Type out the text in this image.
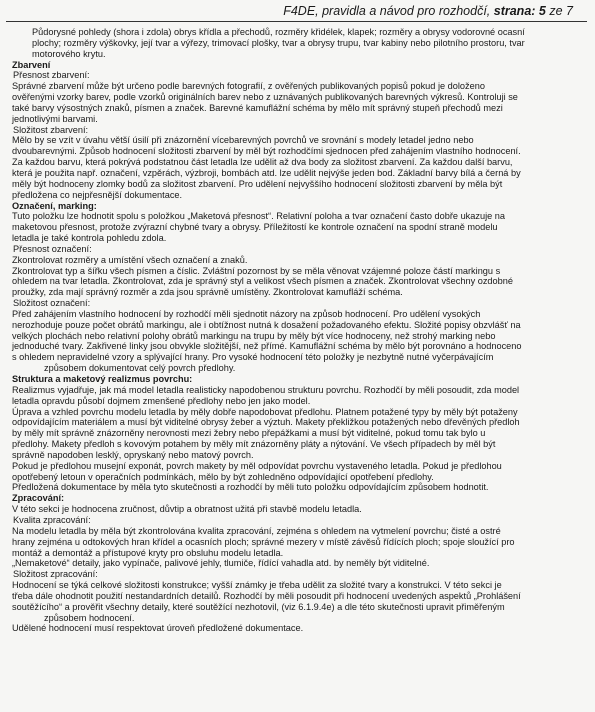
F4DE, pravidla a návod pro rozhodčí, strana: 5 ze 7

Půdorysné pohledy (shora i zdola) obrys křídla a přechodů, rozměry křidélek, klapek; rozměry a obrysy vodorovné ocasní

plochy; rozměry výškovky, její tvar a výřezy, trimovací plošky, tvar a obrysy trupu, tvar kabiny nebo pilotního prostoru, tvar

motorového krytu.

Zbarvení

Přesnost zbarvení:

Správné zbarvení může být určeno podle barevných fotografií, z ověřených publikovaných popisů pokud je doloženo

ověřenými vzorky barev, podle vzorků originálních barev nebo z uznávaných publikovaných barevných výkresů. Kontroluji se

také barvy výsostných znaků, písmen a značek. Barevné kamuflážní schéma by mělo mít správný stupeň přechodů mezi

jednotlivými barvami.

Složitost zbarvení:

Mělo by se vzít v úvahu větší úsilí při znázornění vícebarevných povrchů ve srovnání s modely letadel jedno nebo

dvoubarevnými. Způsob hodnocení složitosti zbarvení by měl být rozhodčími sjednocen před zahájením vlastního hodnocení.

Za každou barvu, která pokrývá podstatnou část letadla lze udělit až dva body za složitost zbarvení. Za každou další barvu,

která je použita např. označení, vzpěrách, výzbroji, bombách atd. lze udělit nejvýše jeden bod. Základní barvy bílá a černá by

měly být hodnoceny zlomky bodů za složitost zbarvení. Pro udělení nejvyššího hodnocení složitosti zbarvení by měla být

předložena co nejpřesnější dokumentace.

Označení, marking:

Tuto položku lze hodnotit spolu s položkou „Maketová přesnost“. Relativní poloha a tvar označení často dobře ukazuje na

maketovou přesnost, protože zvýrazní chybné tvary a obrysy. Příležitostí ke kontrole označení na spodní straně modelu

letadla je také kontrola pohledu zdola.

Přesnost označení:

Zkontrolovat rozměry a umístění všech označení a znaků.

Zkontrolovat typ a šířku všech písmen a číslic. Zvláštní pozornost by se měla věnovat vzájemné poloze částí markingu s

ohledem na tvar letadla. Zkontrolovat, zda je správný styl a velikost všech písmen a značek. Zkontrolovat všechny ozdobné

proužky, zda mají správný rozměr a zda jsou správně umístěny. Zkontrolovat kamufláží schéma.

Složitost označení:

Před zahájením vlastního hodnocení by rozhodčí měli sjednotit názory na způsob hodnocení. Pro udělení vysokých

nerozhoduje pouze počet obrátů markingu, ale i obtížnost nutná k dosažení požadovaného efektu. Složité popisy obzvlášť na

velkých plochách nebo relativní polohy obrátů markingu na trupu by měly být více hodnoceny, než strohý marking nebo

jednoduché tvary. Zakřivené linky jsou obvykle složitější, než přímé. Kamuflážní schéma by mělo být porovnáno a hodnoceno

s ohledem nepravidelné vzory a splývající hrany. Pro vysoké hodnocení této položky je nezbytně nutné vyčerpávajícím

způsobem dokumentovat celý povrch předlohy.

Struktura a maketový realizmus povrchu:

Realizmus vyjadřuje, jak má model letadla realisticky napodobenou strukturu povrchu. Rozhodčí by měli posoudit, zda model

letadla opravdu působí dojmem zmenšené předlohy nebo jen jako model.

Úprava a vzhled povrchu modelu letadla by měly dobře napodobovat předlohu. Platnem potažené typy by měly být potaženy

odpovídajícím materiálem a musí být viditelné obrysy žeber a výztuh. Makety překližkou potažených nebo dřevěných předloh

by měly mít správně znázorněny nerovnosti mezi žebry nebo přepážkami a musí být viditelné, pokud tomu tak bylo u

předlohy. Makety předloh s kovovým potahem by měly mít znázorněny pláty a nýtování. Ve všech případech by měl být

správně napodoben lesklý, opryskaný nebo matový povrch.

Pokud je předlohou musejní exponát, povrch makety by měl odpovídat povrchu vystaveného letadla. Pokud je předlohou

opotřebený letoun v operačních podmínkách, mělo by být zohledněno odpovídající opotřebení předlohy.

Předložená dokumentace by měla tyto skutečnosti a rozhodčí by měli tuto položku odpovídajícím způsobem hodnotit.

Zpracování:

V této sekci je hodnocena zručnost, důvtip a obratnost užitá při stavbě modelu letadla.

Kvalita zpracování:

Na modelu letadla by měla být zkontrolována kvalita zpracování, zejména s ohledem na vytmelení povrchu; čisté a ostré

hrany zejména u odtokových hran křídel a ocasních ploch; správné mezery v místě závěsů řídících ploch; spoje sloužící pro

montáž a demontáž a přístupové kryty pro obsluhu modelu letadla.

„Nemaketové“ detaily, jako vypínače, palivové jehly, tlumiče, řídící vahadla atd. by neměly být viditelné.

Složitost zpracování:

Hodnocení se týká celkové složitosti konstrukce; vyšší známky je třeba udělit za složité tvary a konstrukci. V této sekci je

třeba dále ohodnotit použití nestandardních detailů. Rozhodčí by měli posoudit při hodnocení uvedených aspektů „Prohlášení

soutěžícího“ a prověřit všechny detaily, které soutěžící nezhotovil, (viz 6.1.9.4e) a dle této skutečnosti upravit přiměřeným

způsobem hodnocení.

Udělené hodnocení musí respektovat úroveň předložené dokumentace.
